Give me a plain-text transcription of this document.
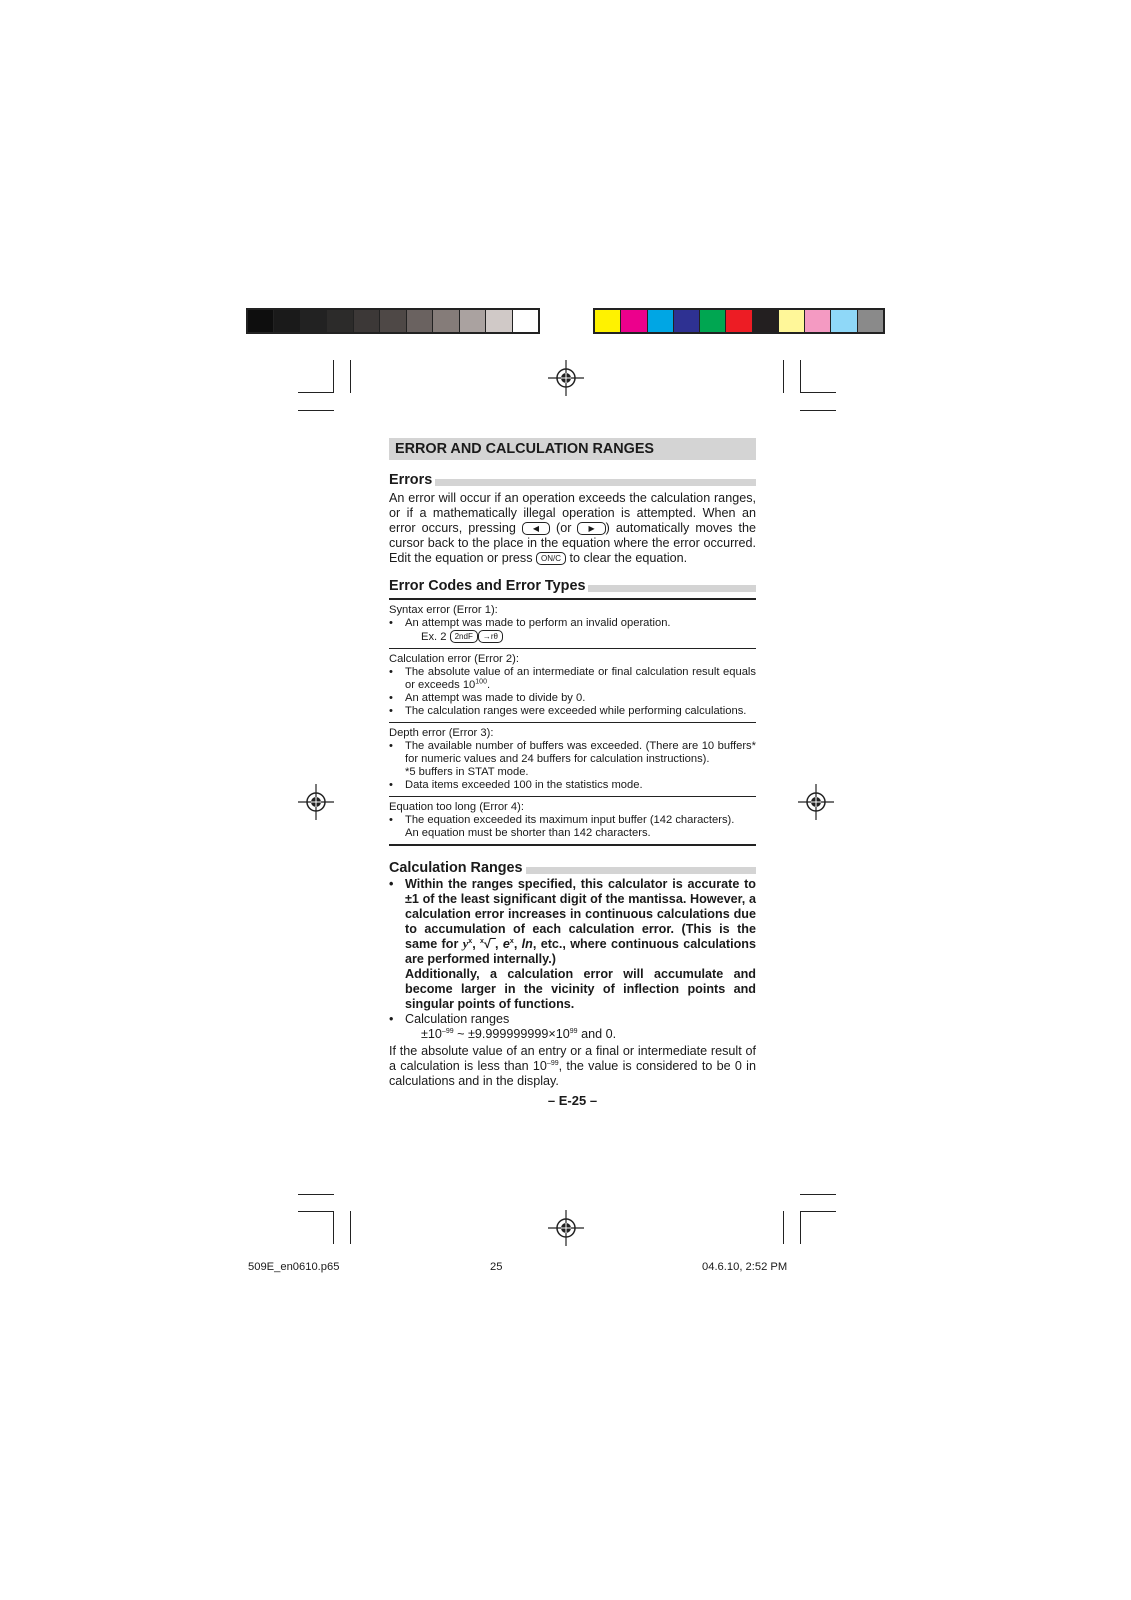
ERROR AND CALCULATION RANGES
Errors
An error will occur if an operation exceeds the calculation ranges, or if a mathematically illegal operation is attempted. When an error occurs, pressing ◀ (or ▶ ) automatically moves the cursor back to the place in the equation where the error occurred. Edit the equation or press ON/C to clear the equation.
Error Codes and Error Types
Syntax error (Error 1):
• An attempt was made to perform an invalid operation.
Ex. 2 2ndF →rθ
Calculation error (Error 2):
• The absolute value of an intermediate or final calculation result equals or exceeds $10^{100}$.
• An attempt was made to divide by 0.
• The calculation ranges were exceeded while performing calculations.
Depth error (Error 3):
• The available number of buffers was exceeded. (There are 10 buffers* for numeric values and 24 buffers for calculation instructions).
*5 buffers in STAT mode.
• Data items exceeded 100 in the statistics mode.
Equation too long (Error 4):
• The equation exceeded its maximum input buffer (142 characters).
An equation must be shorter than 142 characters.
Calculation Ranges
• Within the ranges specified, this calculator is accurate to ±1 of the least significant digit of the mantissa. However, a calculation error increases in continuous calculations due to accumulation of each calculation error. (This is the same for $y^x$, $^x$√‾, $e^x$, ln, etc., where continuous calculations are performed internally.)
Additionally, a calculation error will accumulate and become larger in the vicinity of inflection points and singular points of functions.
• Calculation ranges
$\pm 10^{-99}$ ~ $\pm 9.999999999\times 10^{99}$ and 0.
If the absolute value of an entry or a final or intermediate result of a calculation is less than $10^{-99}$, the value is considered to be 0 in calculations and in the display.
– E-25 –
509E_en0610.p65	25	04.6.10, 2:52 PM
